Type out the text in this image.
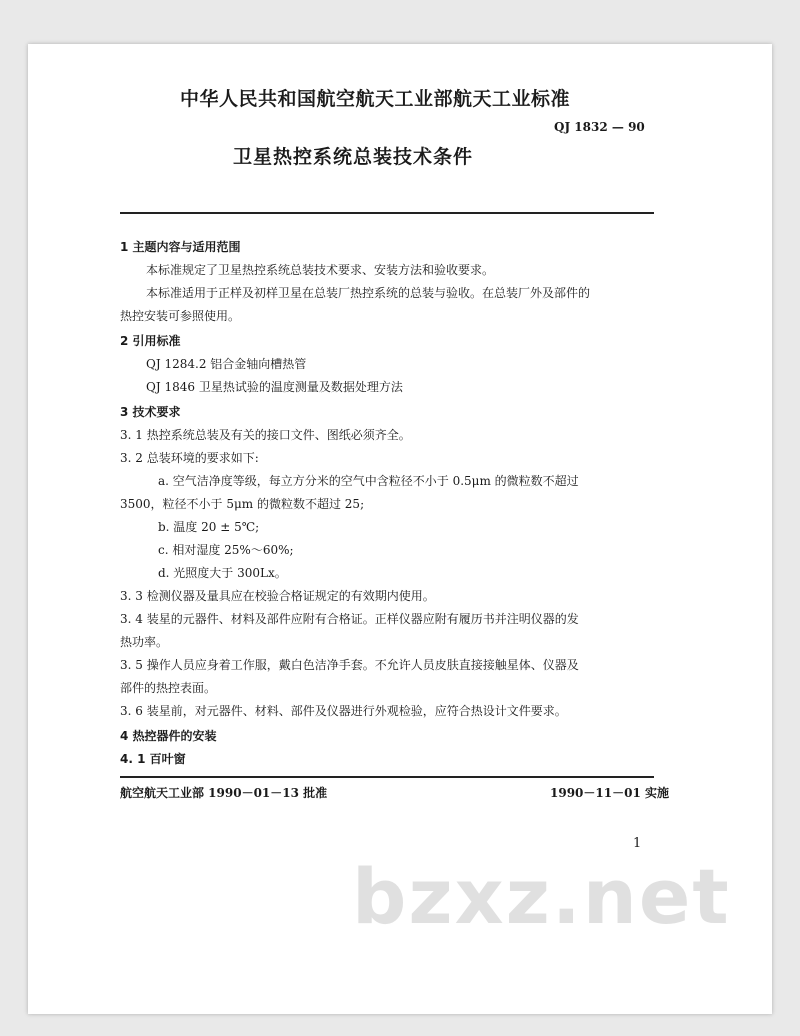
中华人民共和国航空航天工业部航天工业标准
QJ 1832 — 90
卫星热控系统总装技术条件

1 主题内容与适用范围

本标准规定了卫星热控系统总装技术要求、安装方法和验收要求。

本标准适用于正样及初样卫星在总装厂热控系统的总装与验收。在总装厂外及部件的

热控安装可参照使用。

2 引用标准

QJ 1284.2 铝合金轴向槽热管

QJ 1846 卫星热试验的温度测量及数据处理方法

3 技术要求

3. 1 热控系统总装及有关的接口文件、图纸必须齐全。

3. 2 总装环境的要求如下:

a. 空气洁净度等级，每立方分米的空气中含粒径不小于 0.5μm 的微粒数不超过

3500，粒径不小于 5μm 的微粒数不超过 25;

b. 温度 20 ± 5℃;

c. 相对湿度 25%～60%;

d. 光照度大于 300Lx。

3. 3 检测仪器及量具应在校验合格证规定的有效期内使用。

3. 4 装星的元器件、材料及部件应附有合格证。正样仪器应附有履历书并注明仪器的发

热功率。

3. 5 操作人员应身着工作服，戴白色洁净手套。不允许人员皮肤直接接触星体、仪器及

部件的热控表面。

3. 6 装星前，对元器件、材料、部件及仪器进行外观检验，应符合热设计文件要求。

4 热控器件的安装

4. 1 百叶窗

航空航天工业部 1990－01－13 批准	1990－11－01 实施
1
bzxz.net
